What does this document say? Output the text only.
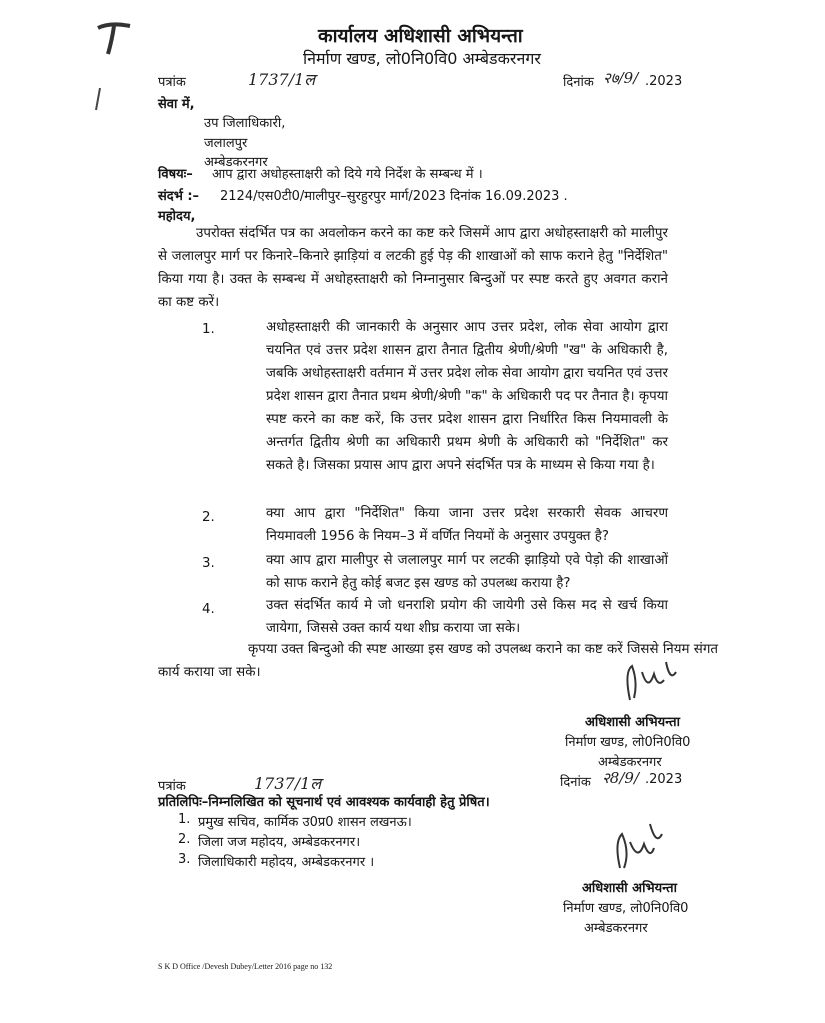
कार्यालय अधिशासी अभियन्ता
निर्माण खण्ड, लो0नि0वि0 अम्बेडकरनगर
पत्रांक	1737/1ल	दिनांक २७/9/ .2023
सेवा में,
उप जिलाधिकारी,
जलालपुर
अम्बेडकरनगर
विषयः– आप द्वारा अधोहस्ताक्षरी को दिये गये निर्देश के सम्बन्ध में ।
संदर्भ :– 2124/एस0टी0/मालीपुर–सुरहुरपुर मार्ग/2023 दिनांक 16.09.2023 .
महोदय,
उपरोक्त संदर्भित पत्र का अवलोकन करने का कष्ट करे जिसमें आप द्वारा अधोहस्ताक्षरी को मालीपुर से जलालपुर मार्ग पर किनारे–किनारे झाड़ियां व लटकी हुई पेड़ की शाखाओं को साफ कराने हेतु "निर्देशित" किया गया है। उक्त के सम्बन्ध में अधोहस्ताक्षरी को निम्नानुसार बिन्दुओं पर स्पष्ट करते हुए अवगत कराने का कष्ट करें।
1.	अधोहस्ताक्षरी की जानकारी के अनुसार आप उत्तर प्रदेश, लोक सेवा आयोग द्वारा चयनित एवं उत्तर प्रदेश शासन द्वारा तैनात द्वितीय श्रेणी/श्रेणी "ख" के अधिकारी है, जबकि अधोहस्ताक्षरी वर्तमान में उत्तर प्रदेश लोक सेवा आयोग द्वारा चयनित एवं उत्तर प्रदेश शासन द्वारा तैनात प्रथम श्रेणी/श्रेणी "क" के अधिकारी पद पर तैनात है। कृपया स्पष्ट करने का कष्ट करें, कि उत्तर प्रदेश शासन द्वारा निर्धारित किस नियमावली के अन्तर्गत द्वितीय श्रेणी का अधिकारी प्रथम श्रेणी के अधिकारी को "निर्देशित" कर सकते है। जिसका प्रयास आप द्वारा अपने संदर्भित पत्र के माध्यम से किया गया है।
2.	क्या आप द्वारा "निर्देशित" किया जाना उत्तर प्रदेश सरकारी सेवक आचरण नियमावली 1956 के नियम–3 में वर्णित नियमों के अनुसार उपयुक्त है?
3.	क्या आप द्वारा मालीपुर से जलालपुर मार्ग पर लटकी झाड़ियो एवे पेड़ो की शाखाओं को साफ कराने हेतु कोई बजट इस खण्ड को उपलब्ध कराया है?
4.	उक्त संदर्भित कार्य मे जो धनराशि प्रयोग की जायेगी उसे किस मद से खर्च किया जायेगा, जिससे उक्त कार्य यथा शीघ्र कराया जा सके।
कृपया उक्त बिन्दुओ की स्पष्ट आख्या इस खण्ड को उपलब्ध कराने का कष्ट करें जिससे नियम संगत कार्य कराया जा सके।
अधिशासी अभियन्ता
निर्माण खण्ड, लो0नि0वि0
अम्बेडकरनगर
पत्रांक	1737/1ल	दिनांक २8/9/ .2023
प्रतिलिपिः–निम्नलिखित को सूचनार्थ एवं आवश्यक कार्यवाही हेतु प्रेषित।
1. प्रमुख सचिव, कार्मिक उ0प्र0 शासन लखनऊ।
2. जिला जज महोदय, अम्बेडकरनगर।
3. जिलाधिकारी महोदय, अम्बेडकरनगर ।
अधिशासी अभियन्ता
निर्माण खण्ड, लो0नि0वि0
अम्बेडकरनगर
S K D Office /Devesh Dubey/Letter 2016 page no 132
